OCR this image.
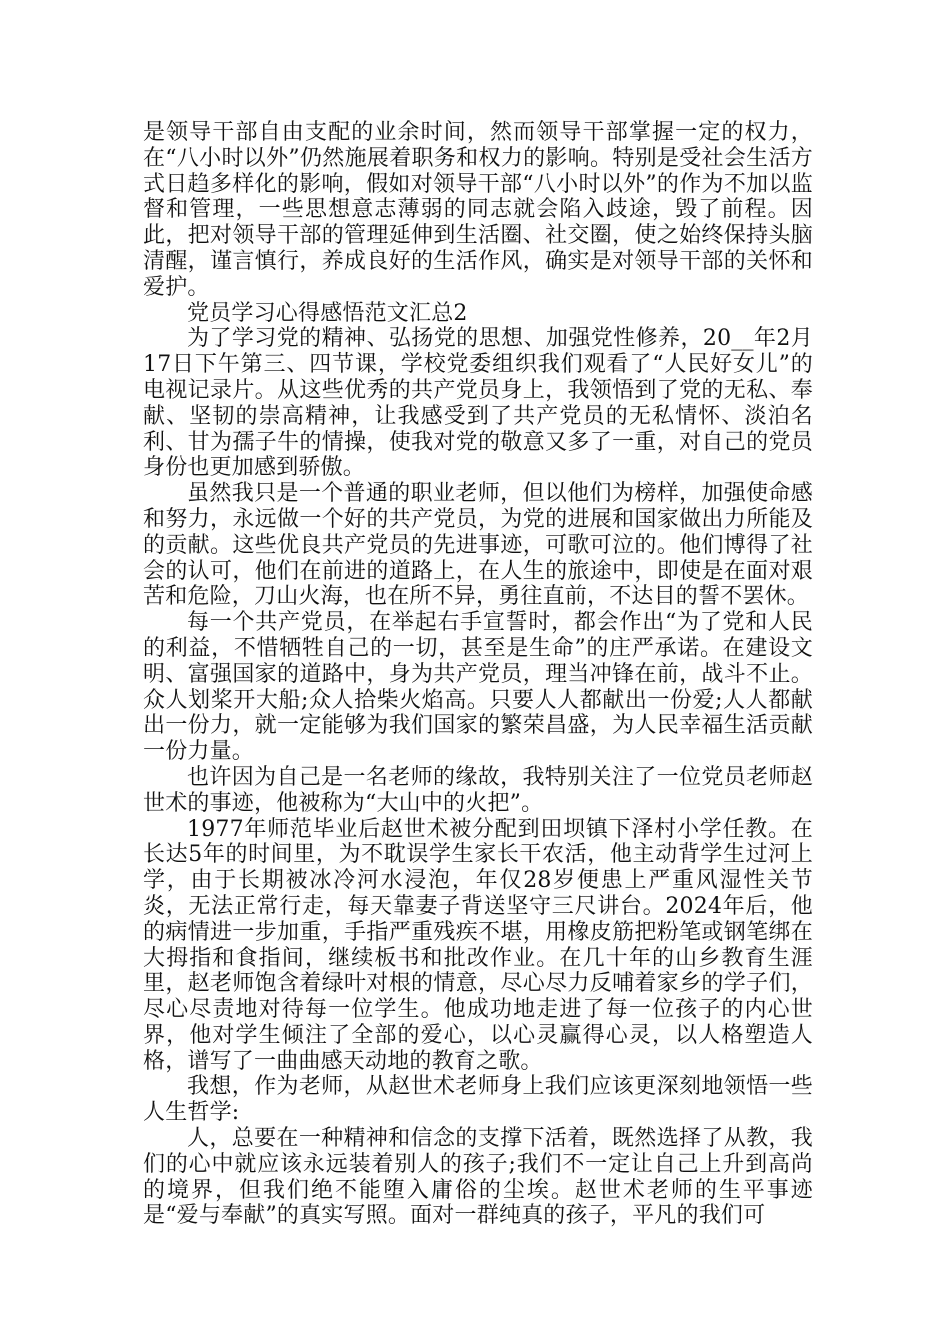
是领导干部自由支配的业余时间，然而领导干部掌握一定的权力，在“八小时以外”仍然施展着职务和权力的影响。特别是受社会生活方式日趋多样化的影响，假如对领导干部“八小时以外”的作为不加以监督和管理，一些思想意志薄弱的同志就会陷入歧途，毁了前程。因此，把对领导干部的管理延伸到生活圈、社交圈，使之始终保持头脑清醒，谨言慎行，养成良好的生活作风，确实是对领导干部的关怀和爱护。

党员学习心得感悟范文汇总2

为了学习党的精神、弘扬党的思想、加强党性修养，20__年2月17日下午第三、四节课，学校党委组织我们观看了“人民好女儿”的电视记录片。从这些优秀的共产党员身上，我领悟到了党的无私、奉献、坚韧的崇高精神，让我感受到了共产党员的无私情怀、淡泊名利、甘为孺子牛的情操，使我对党的敬意又多了一重，对自己的党员身份也更加感到骄傲。

虽然我只是一个普通的职业老师，但以他们为榜样，加强使命感和努力，永远做一个好的共产党员，为党的进展和国家做出力所能及的贡献。这些优良共产党员的先进事迹，可歌可泣的。他们博得了社会的认可，他们在前进的道路上，在人生的旅途中，即使是在面对艰苦和危险，刀山火海，也在所不异，勇往直前，不达目的誓不罢休。

每一个共产党员，在举起右手宣誓时，都会作出“为了党和人民的利益，不惜牺牲自己的一切，甚至是生命”的庄严承诺。在建设文明、富强国家的道路中，身为共产党员，理当冲锋在前，战斗不止。众人划桨开大船;众人拾柴火焰高。只要人人都献出一份爱;人人都献出一份力，就一定能够为我们国家的繁荣昌盛，为人民幸福生活贡献一份力量。

也许因为自己是一名老师的缘故，我特别关注了一位党员老师赵世术的事迹，他被称为“大山中的火把”。

1977年师范毕业后赵世术被分配到田坝镇下泽村小学任教。在长达5年的时间里，为不耽误学生家长干农活，他主动背学生过河上学，由于长期被冰冷河水浸泡，年仅28岁便患上严重风湿性关节炎，无法正常行走，每天靠妻子背送坚守三尺讲台。2024年后，他的病情进一步加重，手指严重残疾不堪，用橡皮筋把粉笔或钢笔绑在大拇指和食指间，继续板书和批改作业。在几十年的山乡教育生涯里，赵老师饱含着绿叶对根的情意，尽心尽力反哺着家乡的学子们，尽心尽责地对待每一位学生。他成功地走进了每一位孩子的内心世界，他对学生倾注了全部的爱心，以心灵赢得心灵，以人格塑造人格，谱写了一曲曲感天动地的教育之歌。

我想，作为老师，从赵世术老师身上我们应该更深刻地领悟一些人生哲学:

人，总要在一种精神和信念的支撑下活着，既然选择了从教，我们的心中就应该永远装着别人的孩子;我们不一定让自己上升到高尚的境界，但我们绝不能堕入庸俗的尘埃。赵世术老师的生平事迹是“爱与奉献”的真实写照。面对一群纯真的孩子，平凡的我们可
